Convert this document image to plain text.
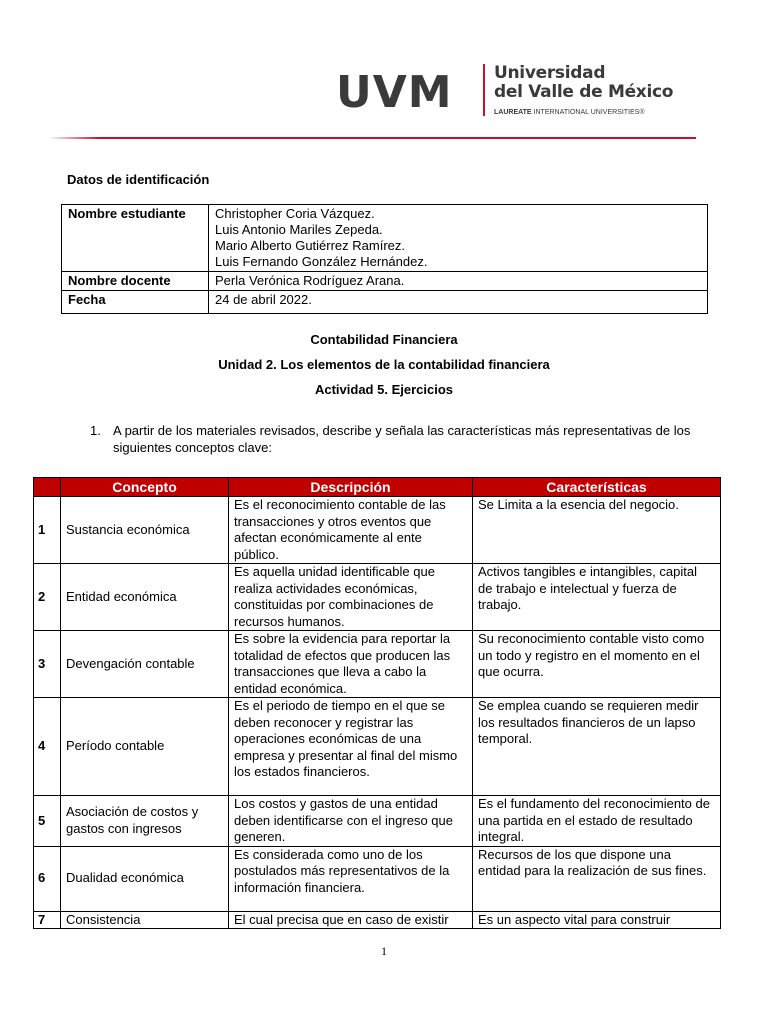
UVM Universidad
del Valle de México
LAUREATE INTERNATIONAL UNIVERSITIES®
Datos de identificación
Nombre estudiante	Christopher Coria Vázquez.
Luis Antonio Mariles Zepeda.
Mario Alberto Gutiérrez Ramírez.
Luis Fernando González Hernández.

Nombre docente	Perla Verónica Rodríguez Arana.
Fecha	24 de abril 2022.
Contabilidad Financiera
Unidad 2. Los elementos de la contabilidad financiera
Actividad 5. Ejercicios
1. A partir de los materiales revisados, describe y señala las características más representativas de los siguientes conceptos clave:
	Concepto	Descripción	Características
1	Sustancia económica	Es el reconocimiento contable de las transacciones y otros eventos que afectan económicamente al ente público.	Se Limita a la esencia del negocio.
2	Entidad económica	Es aquella unidad identificable que realiza actividades económicas, constituidas por combinaciones de recursos humanos.	Activos tangibles e intangibles, capital de trabajo e intelectual y fuerza de trabajo.
3	Devengación contable	Es sobre la evidencia para reportar la totalidad de efectos que producen las transacciones que lleva a cabo la entidad económica.	Su reconocimiento contable visto como un todo y registro en el momento en el que ocurra.
4	Período contable	Es el periodo de tiempo en el que se deben reconocer y registrar las operaciones económicas de una empresa y presentar al final del mismo los estados financieros.	Se emplea cuando se requieren medir los resultados financieros de un lapso temporal.
5	Asociación de costos y gastos con ingresos	Los costos y gastos de una entidad deben identificarse con el ingreso que generen.	Es el fundamento del reconocimiento de una partida en el estado de resultado integral.
6	Dualidad económica	Es considerada como uno de los postulados más representativos de la información financiera.	Recursos de los que dispone una entidad para la realización de sus fines.
7	Consistencia	El cual precisa que en caso de existir	Es un aspecto vital para construir
1
